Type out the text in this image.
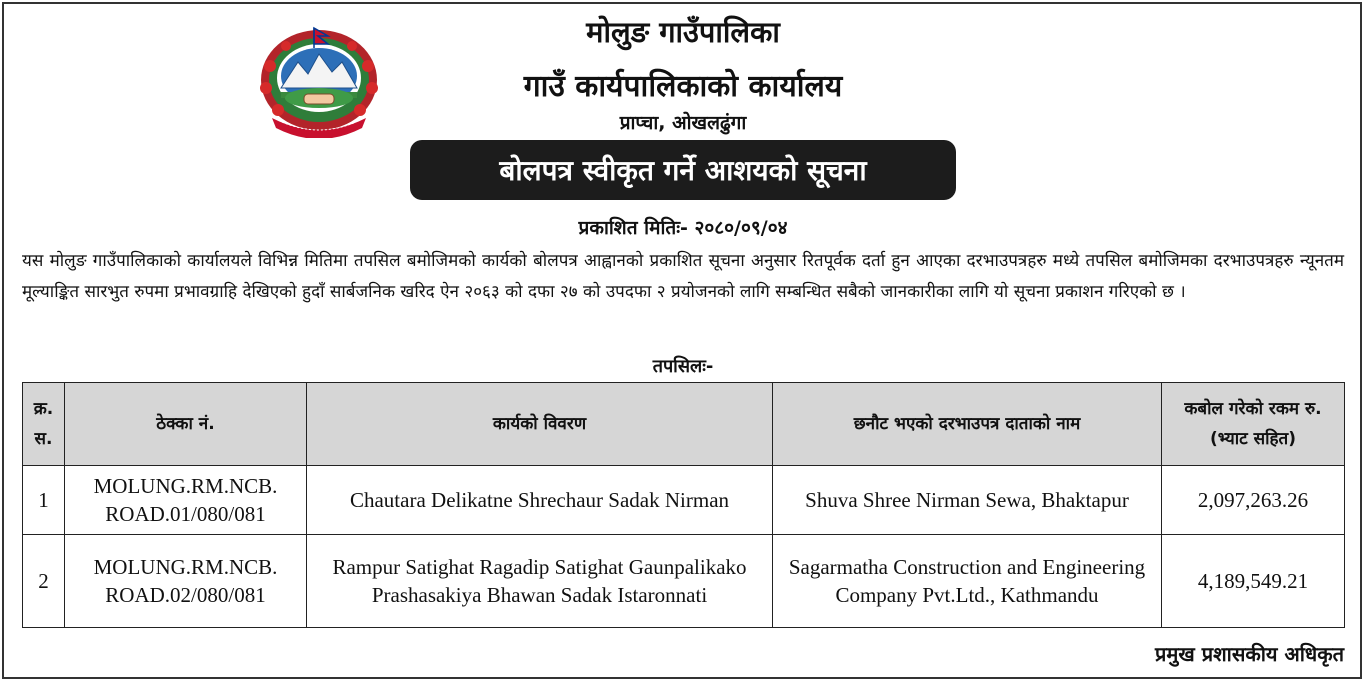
मोलुङ गाउँपालिका
गाउँ कार्यपालिकाको कार्यालय
प्राप्चा, ओखलढुंगा
बोलपत्र स्वीकृत गर्ने आशयको सूचना
प्रकाशित मितिः- २०८०/०९/०४
यस मोलुङ गाउँपालिकाको कार्यालयले विभिन्न मितिमा तपसिल बमोजिमको कार्यको बोलपत्र आह्वानको प्रकाशित सूचना अनुसार रितपूर्वक दर्ता हुन आएका दरभाउपत्रहरु मध्ये तपसिल बमोजिमका दरभाउपत्रहरु न्यूनतम मूल्याङ्कित सारभुत रुपमा प्रभावग्राहि देखिएको हुदाँ सार्बजनिक खरिद ऐन २०६३ को दफा २७ को उपदफा २ प्रयोजनको लागि सम्बन्धित सबैको जानकारीका लागि यो सूचना प्रकाशन गरिएको छ ।
तपसिलः-
क्र. स.	ठेक्का नं.	कार्यको विवरण	छनौट भएको दरभाउपत्र दाताको नाम	कबोल गरेको रकम रु. (भ्याट सहित)
1	MOLUNG.RM.NCB. ROAD.01/080/081	Chautara Delikatne Shrechaur Sadak Nirman	Shuva Shree Nirman Sewa, Bhaktapur	2,097,263.26
2	MOLUNG.RM.NCB. ROAD.02/080/081	Rampur Satighat Ragadip Satighat Gaunpalikako Prashasakiya Bhawan Sadak Istaronnati	Sagarmatha Construction and Engineering Company Pvt.Ltd., Kathmandu	4,189,549.21
प्रमुख प्रशासकीय अधिकृत
